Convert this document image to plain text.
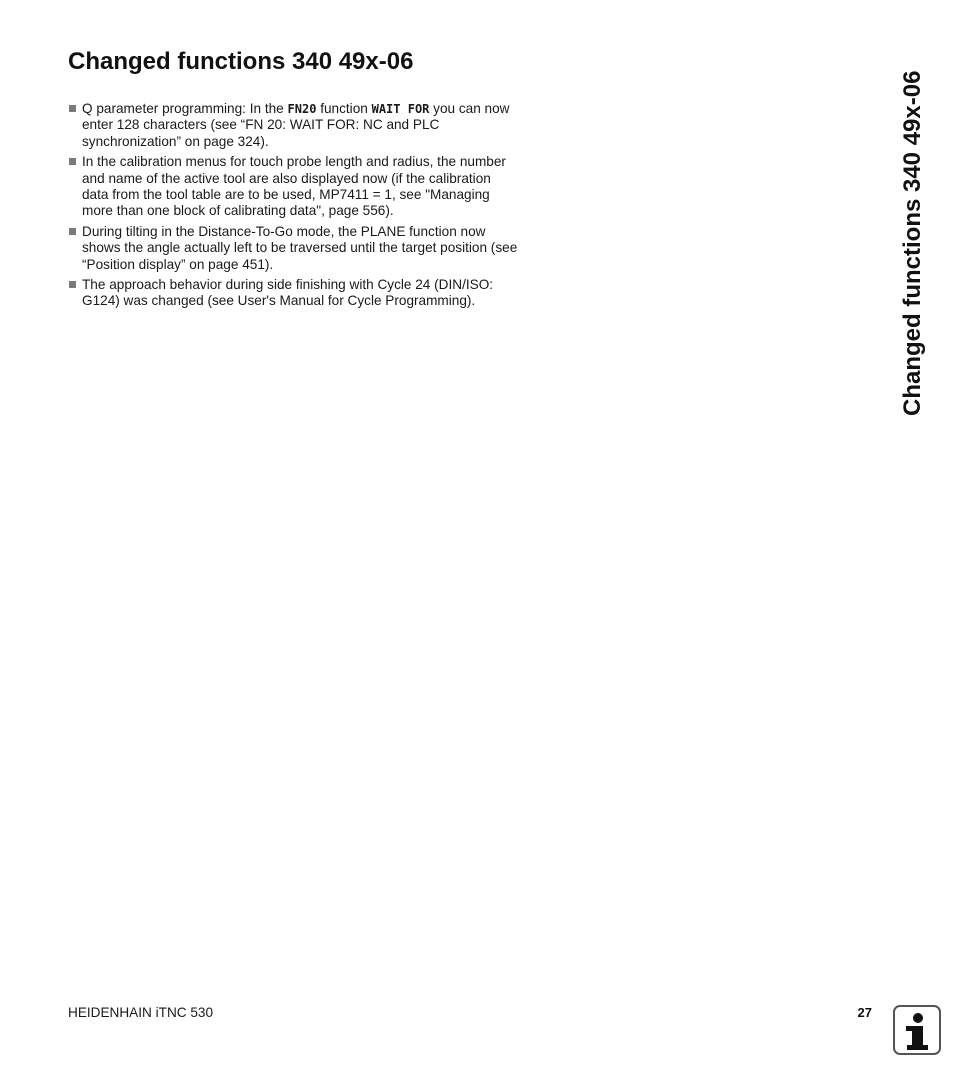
Changed functions 340 49x-06
Q parameter programming: In the FN20 function WAIT FOR you can now enter 128 characters (see “FN 20: WAIT FOR: NC and PLC synchronization” on page 324).
In the calibration menus for touch probe length and radius, the number and name of the active tool are also displayed now (if the calibration data from the tool table are to be used, MP7411 = 1, see "Managing more than one block of calibrating data", page 556).
During tilting in the Distance-To-Go mode, the PLANE function now shows the angle actually left to be traversed until the target position (see “Position display” on page 451).
The approach behavior during side finishing with Cycle 24 (DIN/ISO: G124) was changed (see User's Manual for Cycle Programming).	Changed functions 340 49x-06
HEIDENHAIN iTNC 530	27
